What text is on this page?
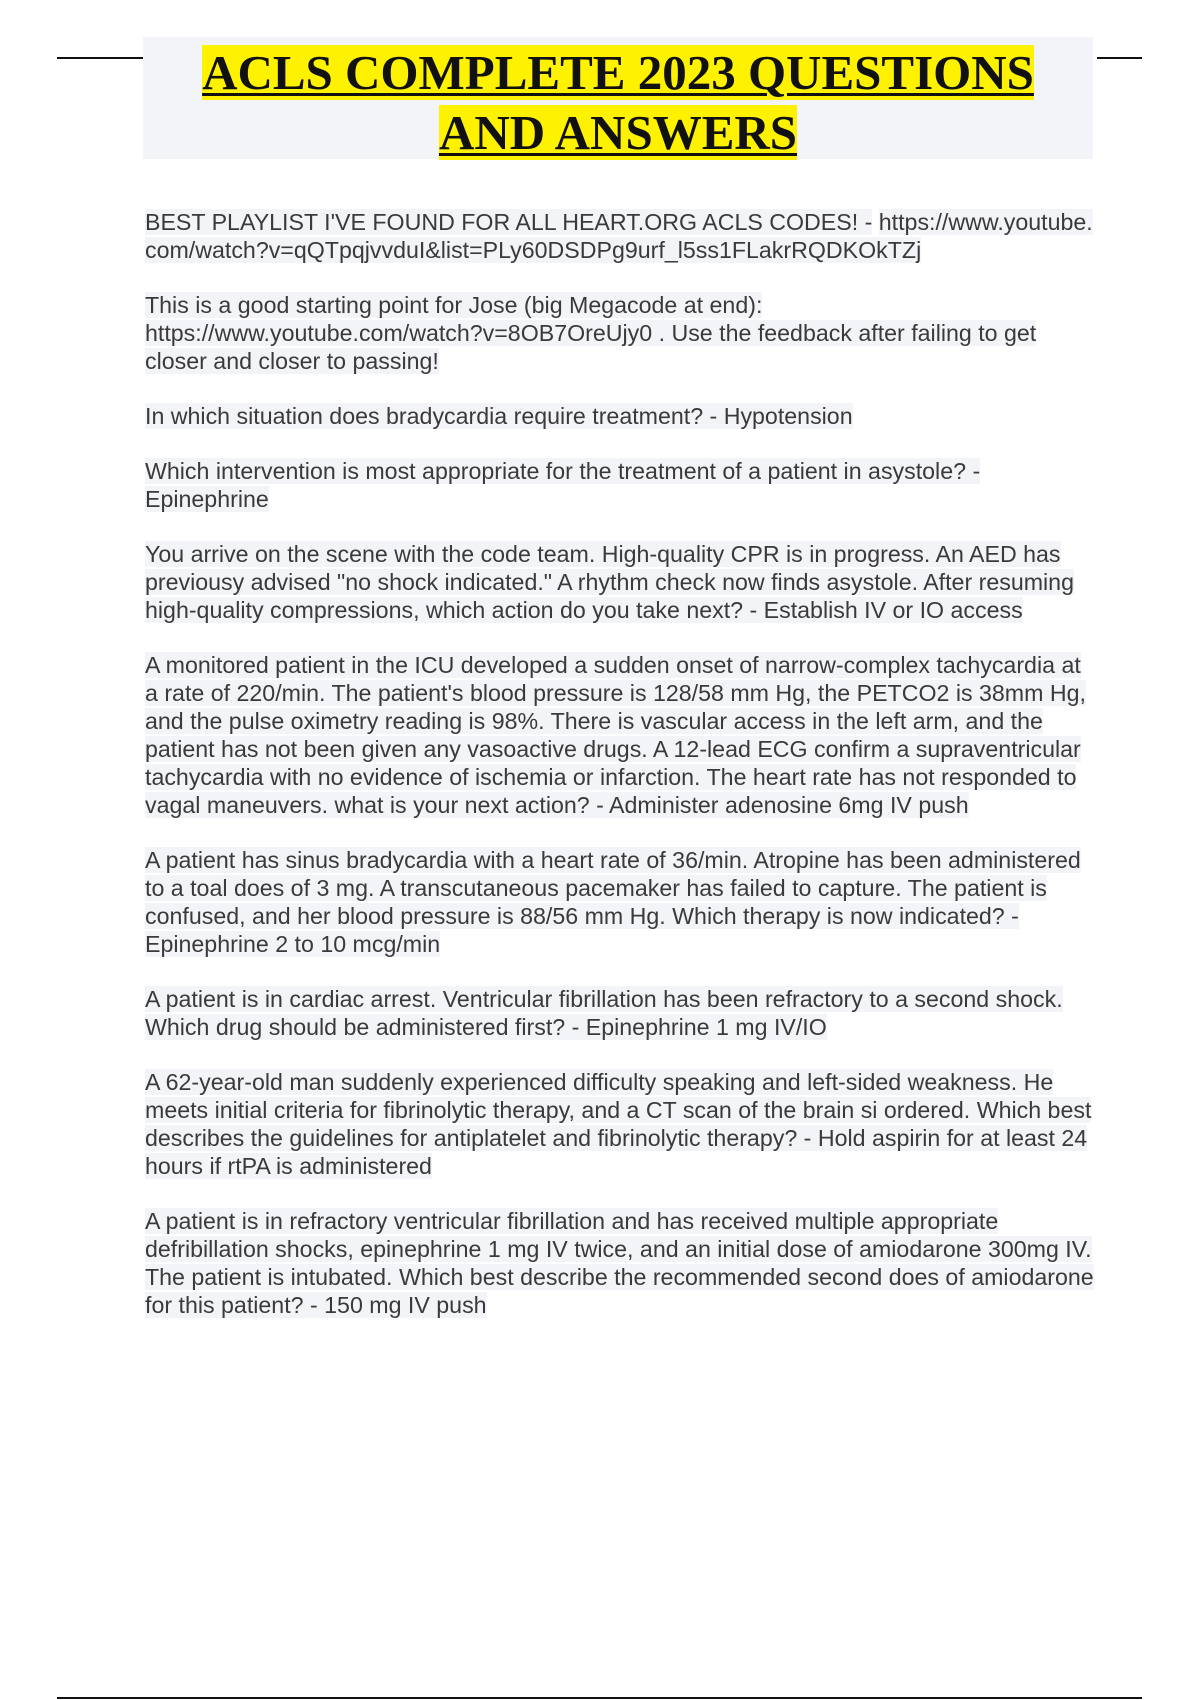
ACLS COMPLETE 2023 QUESTIONS
AND ANSWERS

BEST PLAYLIST I'VE FOUND FOR ALL HEART.ORG ACLS CODES! - https://www.youtube.com/watch?v=qQTpqjvvduI&list=PLy60DSDPg9urf_l5ss1FLakrRQDKOkTZj

This is a good starting point for Jose (big Megacode at end): https://www.youtube.com/watch?v=8OB7OreUjy0 . Use the feedback after failing to get closer and closer to passing!

In which situation does bradycardia require treatment? - Hypotension

Which intervention is most appropriate for the treatment of a patient in asystole? - Epinephrine

You arrive on the scene with the code team. High-quality CPR is in progress. An AED has previousy advised "no shock indicated." A rhythm check now finds asystole. After resuming high-quality compressions, which action do you take next? - Establish IV or IO access

A monitored patient in the ICU developed a sudden onset of narrow-complex tachycardia at a rate of 220/min. The patient's blood pressure is 128/58 mm Hg, the PETCO2 is 38mm Hg, and the pulse oximetry reading is 98%. There is vascular access in the left arm, and the patient has not been given any vasoactive drugs. A 12-lead ECG confirm a supraventricular tachycardia with no evidence of ischemia or infarction. The heart rate has not responded to vagal maneuvers. what is your next action? - Administer adenosine 6mg IV push

A patient has sinus bradycardia with a heart rate of 36/min. Atropine has been administered to a toal does of 3 mg. A transcutaneous pacemaker has failed to capture. The patient is confused, and her blood pressure is 88/56 mm Hg. Which therapy is now indicated? - Epinephrine 2 to 10 mcg/min

A patient is in cardiac arrest. Ventricular fibrillation has been refractory to a second shock. Which drug should be administered first? - Epinephrine 1 mg IV/IO

A 62-year-old man suddenly experienced difficulty speaking and left-sided weakness. He meets initial criteria for fibrinolytic therapy, and a CT scan of the brain si ordered. Which best describes the guidelines for antiplatelet and fibrinolytic therapy? - Hold aspirin for at least 24 hours if rtPA is administered

A patient is in refractory ventricular fibrillation and has received multiple appropriate defribillation shocks, epinephrine 1 mg IV twice, and an initial dose of amiodarone 300mg IV. The patient is intubated. Which best describe the recommended second does of amiodarone for this patient? - 150 mg IV push
